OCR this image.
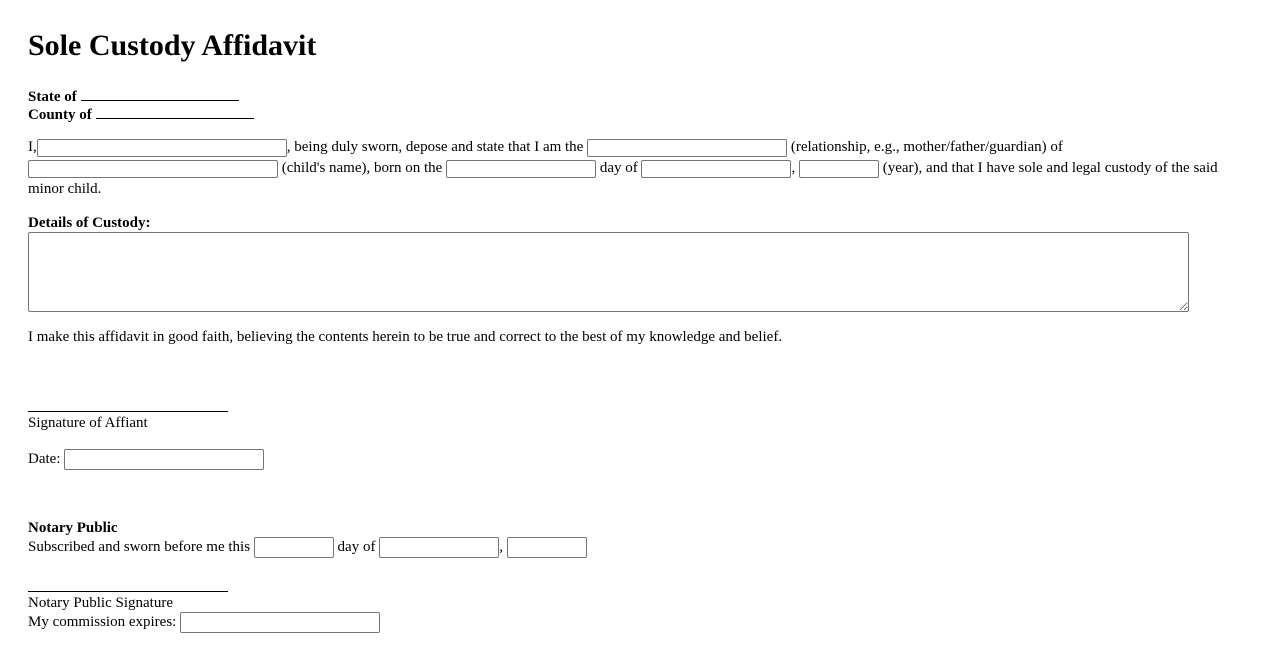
Sole Custody Affidavit
State of
County of
I,	, being duly sworn, depose and state that I am the	(relationship, e.g., mother/father/guardian) of  (child's name), born on the	day of	,	(year), and that I have sole and legal custody of the said minor child.
Details of Custody:
I make this affidavit in good faith, believing the contents herein to be true and correct to the best of my knowledge and belief.
Signature of Affiant
Date:
Notary Public
Subscribed and sworn before me this	day of	,
Notary Public Signature
My commission expires:
